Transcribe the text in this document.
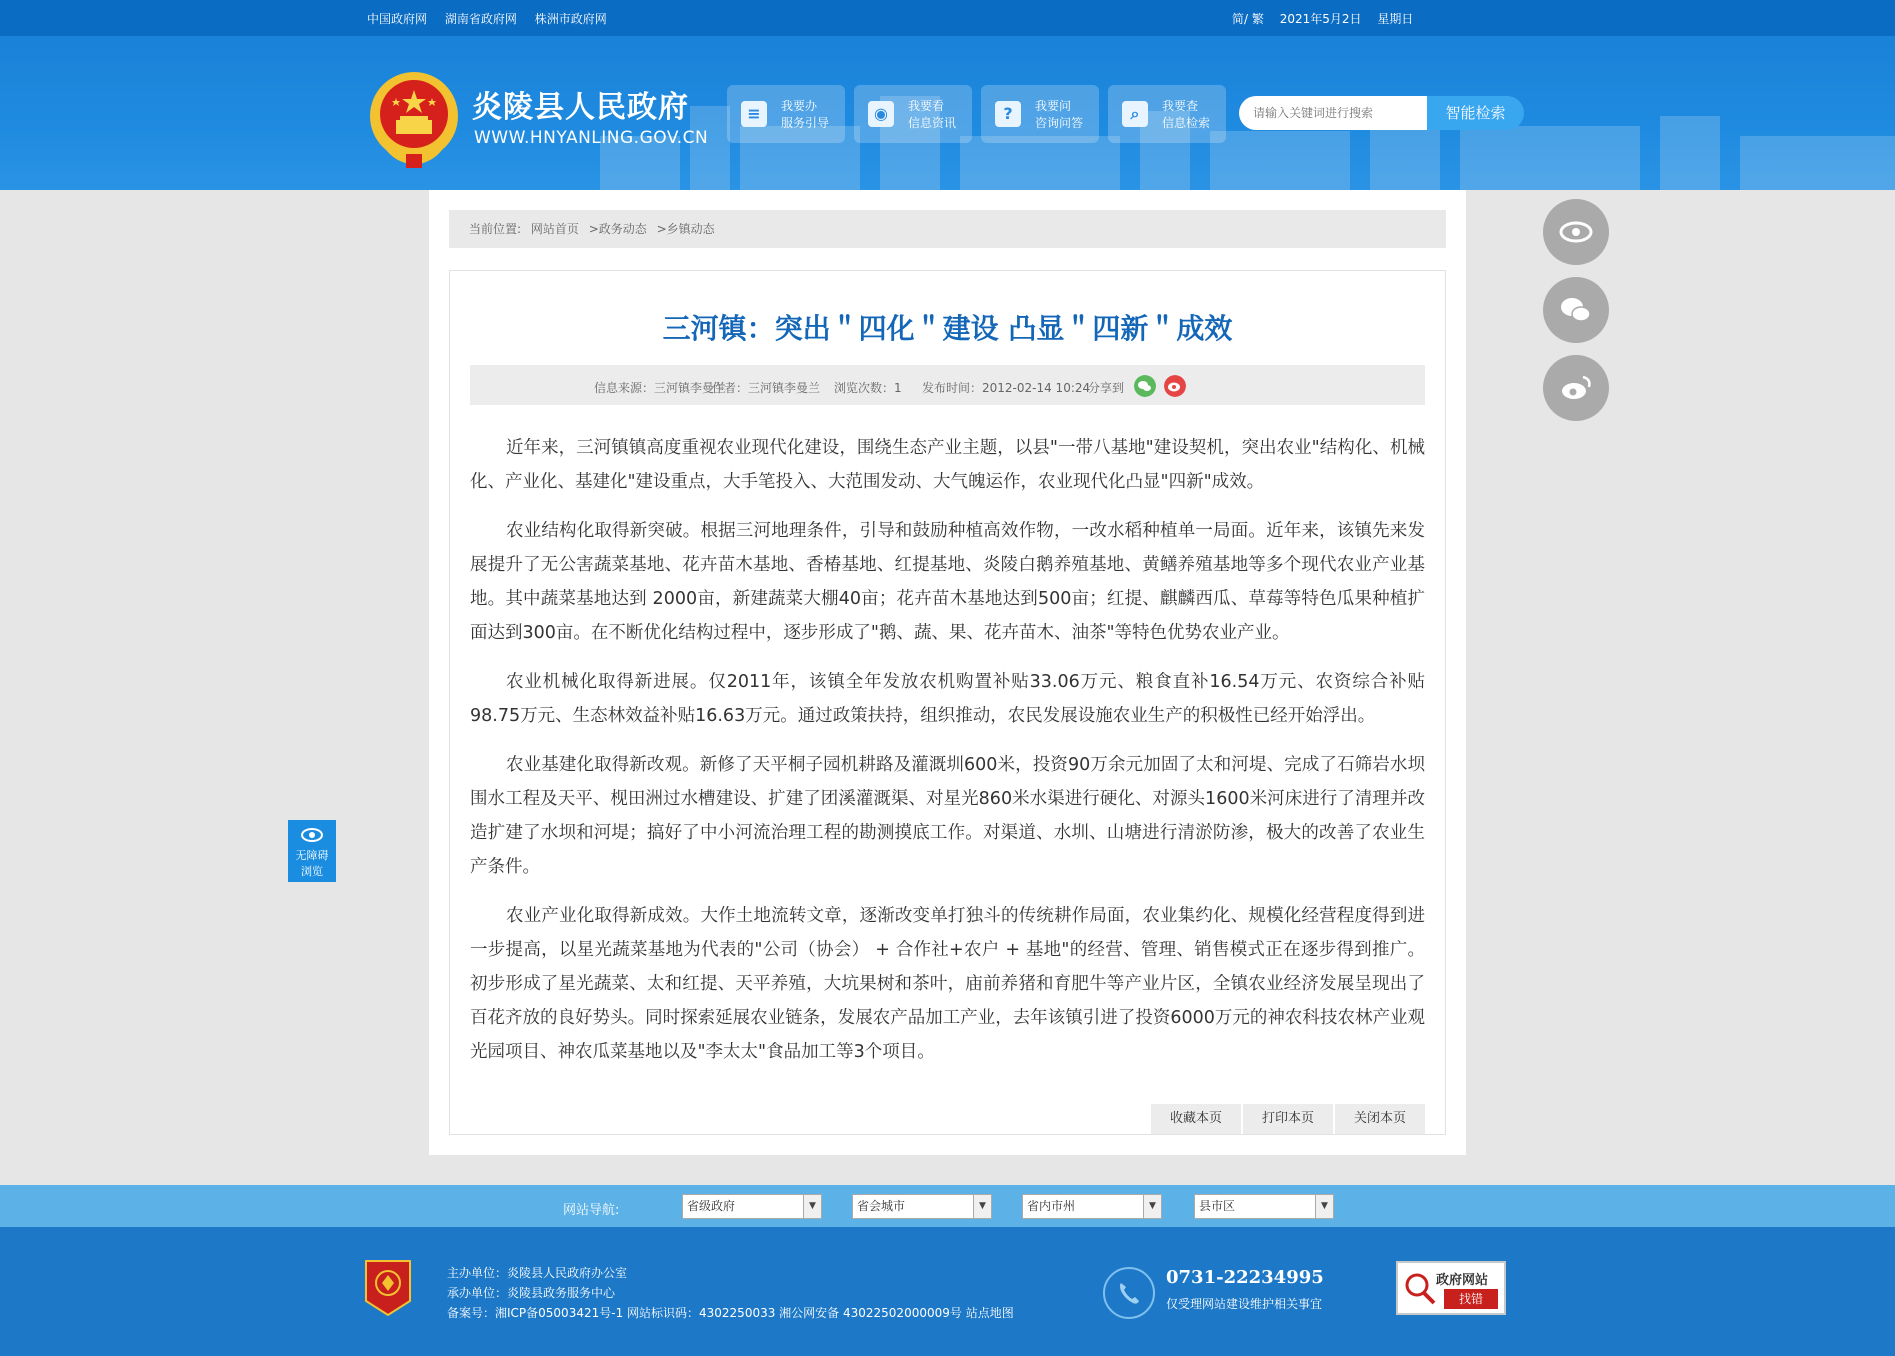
中国政府网 湖南省政府网 株洲市政府网	简/ 繁 2021年5月2日 星期日
炎陵县人民政府
WWW.HNYANLING.GOV.CN
≡	我要办
服务引导	◉	我要看
信息资讯	?	我要问
咨询问答	⌕	我要查
信息检索
请输入关键词进行搜索
智能检索
当前位置: 网站首页 >政务动态 >乡镇动态
三河镇：突出＂四化＂建设 凸显＂四新＂成效
信息来源：三河镇李曼兰
作者：三河镇李曼兰 浏览次数：1 发布时间：2012-02-14 10:24
分享到

近年来，三河镇镇高度重视农业现代化建设，围绕生态产业主题，以县"一带八基地"建设契机，突出农业"结构化、机械化、产业化、基建化"建设重点，大手笔投入、大范围发动、大气魄运作，农业现代化凸显"四新"成效。

农业结构化取得新突破。根据三河地理条件，引导和鼓励种植高效作物，一改水稻种植单一局面。近年来，该镇先来发展提升了无公害蔬菜基地、花卉苗木基地、香椿基地、红提基地、炎陵白鹅养殖基地、黄鳝养殖基地等多个现代农业产业基地。其中蔬菜基地达到 2000亩，新建蔬菜大棚40亩；花卉苗木基地达到500亩；红提、麒麟西瓜、草莓等特色瓜果种植扩面达到300亩。在不断优化结构过程中，逐步形成了"鹅、蔬、果、花卉苗木、油茶"等特色优势农业产业。

农业机械化取得新进展。仅2011年，该镇全年发放农机购置补贴33.06万元、粮食直补16.54万元、农资综合补贴98.75万元、生态林效益补贴16.63万元。通过政策扶持，组织推动，农民发展设施农业生产的积极性已经开始浮出。

农业基建化取得新改观。新修了天平桐子园机耕路及灌溉圳600米，投资90万余元加固了太和河堤、完成了石筛岩水坝围水工程及天平、枧田洲过水槽建设、扩建了团溪灌溉渠、对星光860米水渠进行硬化、对源头1600米河床进行了清理并改造扩建了水坝和河堤；搞好了中小河流治理工程的勘测摸底工作。对渠道、水圳、山塘进行清淤防渗，极大的改善了农业生产条件。

农业产业化取得新成效。大作土地流转文章，逐渐改变单打独斗的传统耕作局面，农业集约化、规模化经营程度得到进一步提高，以星光蔬菜基地为代表的"公司（协会） + 合作社+农户 + 基地"的经营、管理、销售模式正在逐步得到推广。初步形成了星光蔬菜、太和红提、天平养殖，大坑果树和茶叶，庙前养猪和育肥牛等产业片区，全镇农业经济发展呈现出了百花齐放的良好势头。同时探索延展农业链条，发展农产品加工产业，去年该镇引进了投资6000万元的神农科技农林产业观光园项目、神农瓜菜基地以及"李太太"食品加工等3个项目。

收藏本页	打印本页	关闭本页
无障碍
浏览
网站导航:	省级政府	▼	省会城市	▼	省内市州	▼	县市区	▼
主办单位：炎陵县人民政府办公室
承办单位：炎陵县政务服务中心
备案号：湘ICP备05003421号-1 网站标识码：4302250033 湘公网安备 43022502000009号 站点地图
0731-22234995
仅受理网站建设维护相关事宜
政府网站
找错
